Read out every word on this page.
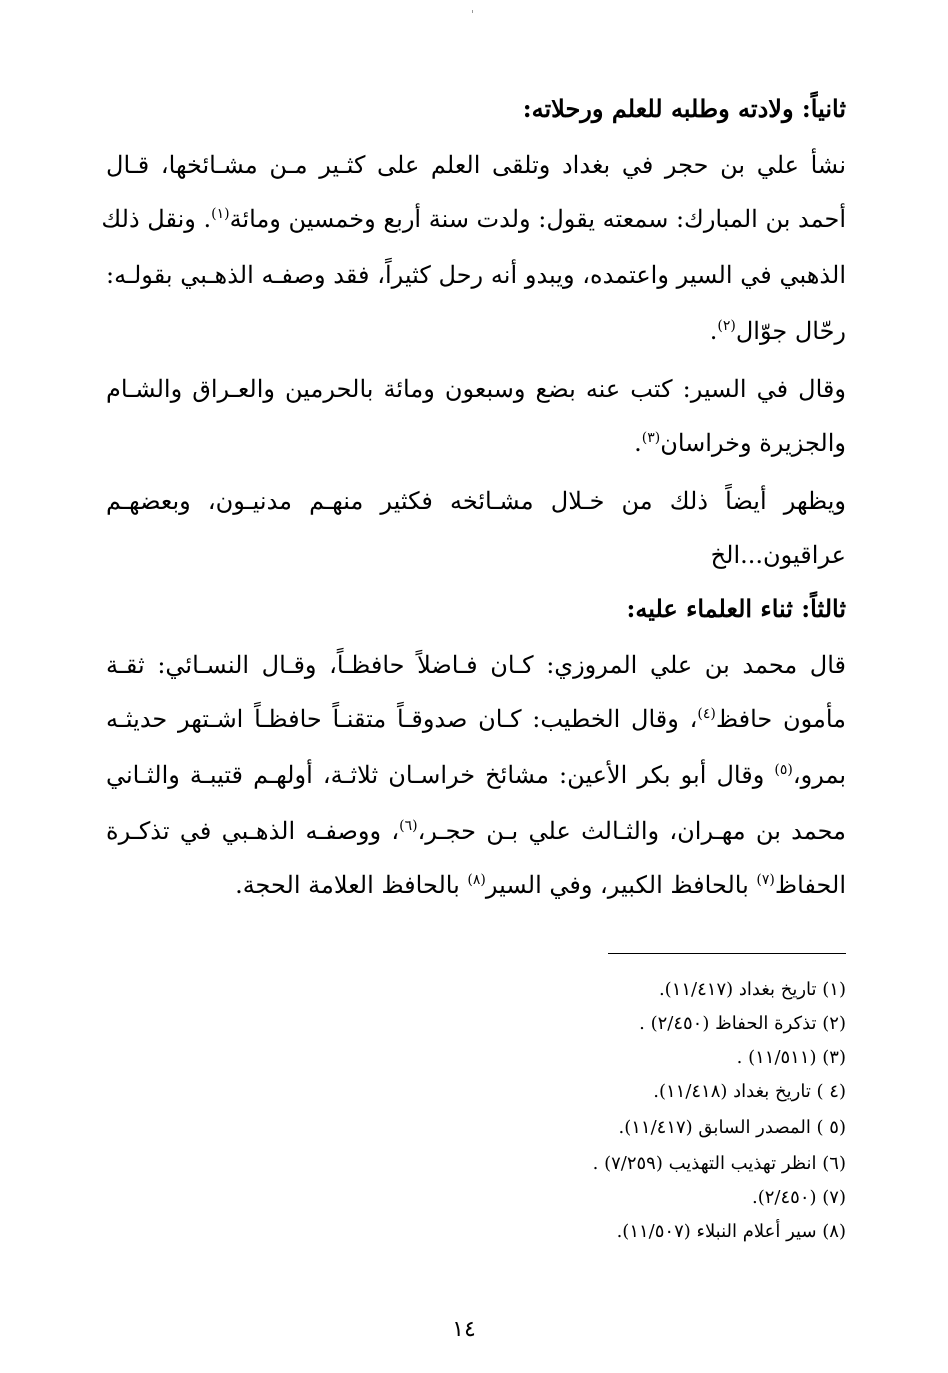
ثانياً: ولادته وطلبه للعلم ورحلاته:
نشأ علي بن حجر في بغداد وتلقى العلم على كثـير مـن مشـائخها، قـال
أحمد بن المبارك: سمعته يقول: ولدت سنة أربع وخمسين ومائة$^{(١)}$. ونقل ذلك
الذهبي في السير واعتمده، ويبدو أنه رحل كثيراً، فقد وصفـه الذهـبي بقولـه:
رحّال جوّال$^{(٢)}$.
وقال في السير: كتب عنه بضع وسبعون ومائة بالحرمين والعـراق والشـام
والجزيرة وخراسان$^{(٣)}$.
ويظهر أيضاً ذلك من خـلال مشـائخه فكثير منهـم مدنيـون، وبعضهـم
عراقيون...الخ
ثالثاً: ثناء العلماء عليه:
قال محمد بن علي المروزي: كـان فـاضلاً حافظـاً، وقـال النسـائي: ثقـة
مأمون حافظ$^{(٤)}$، وقال الخطيب: كـان صدوقـاً متقنـاً حافظـاً اشـتهر حديثـه
بمرو،$^{(٥)}$ وقال أبو بكر الأعين: مشائخ خراسـان ثلاثـة، أولهـم قتيبـة والثـاني
محمد بن مهـران، والثـالث علي بـن حجـر،$^{(٦)}$، ووصفـه الذهـبي في تذكـرة
الحفاظ$^{(٧)}$ بالحافظ الكبير، وفي السير$^{(٨)}$ بالحافظ العلامة الحجة.
(١) تاريخ بغداد (١١/٤١٧).
(٢) تذكرة الحفاظ (٢/٤٥٠) .
(٣) (١١/٥١١) .
(٤ ) تاريخ بغداد (١١/٤١٨).
(٥ ) المصدر السابق (١١/٤١٧).
(٦) انظر تهذيب التهذيب (٧/٢٥٩) .
(٧) (٢/٤٥٠).
(٨) سير أعلام النبلاء (١١/٥٠٧).
١٤
